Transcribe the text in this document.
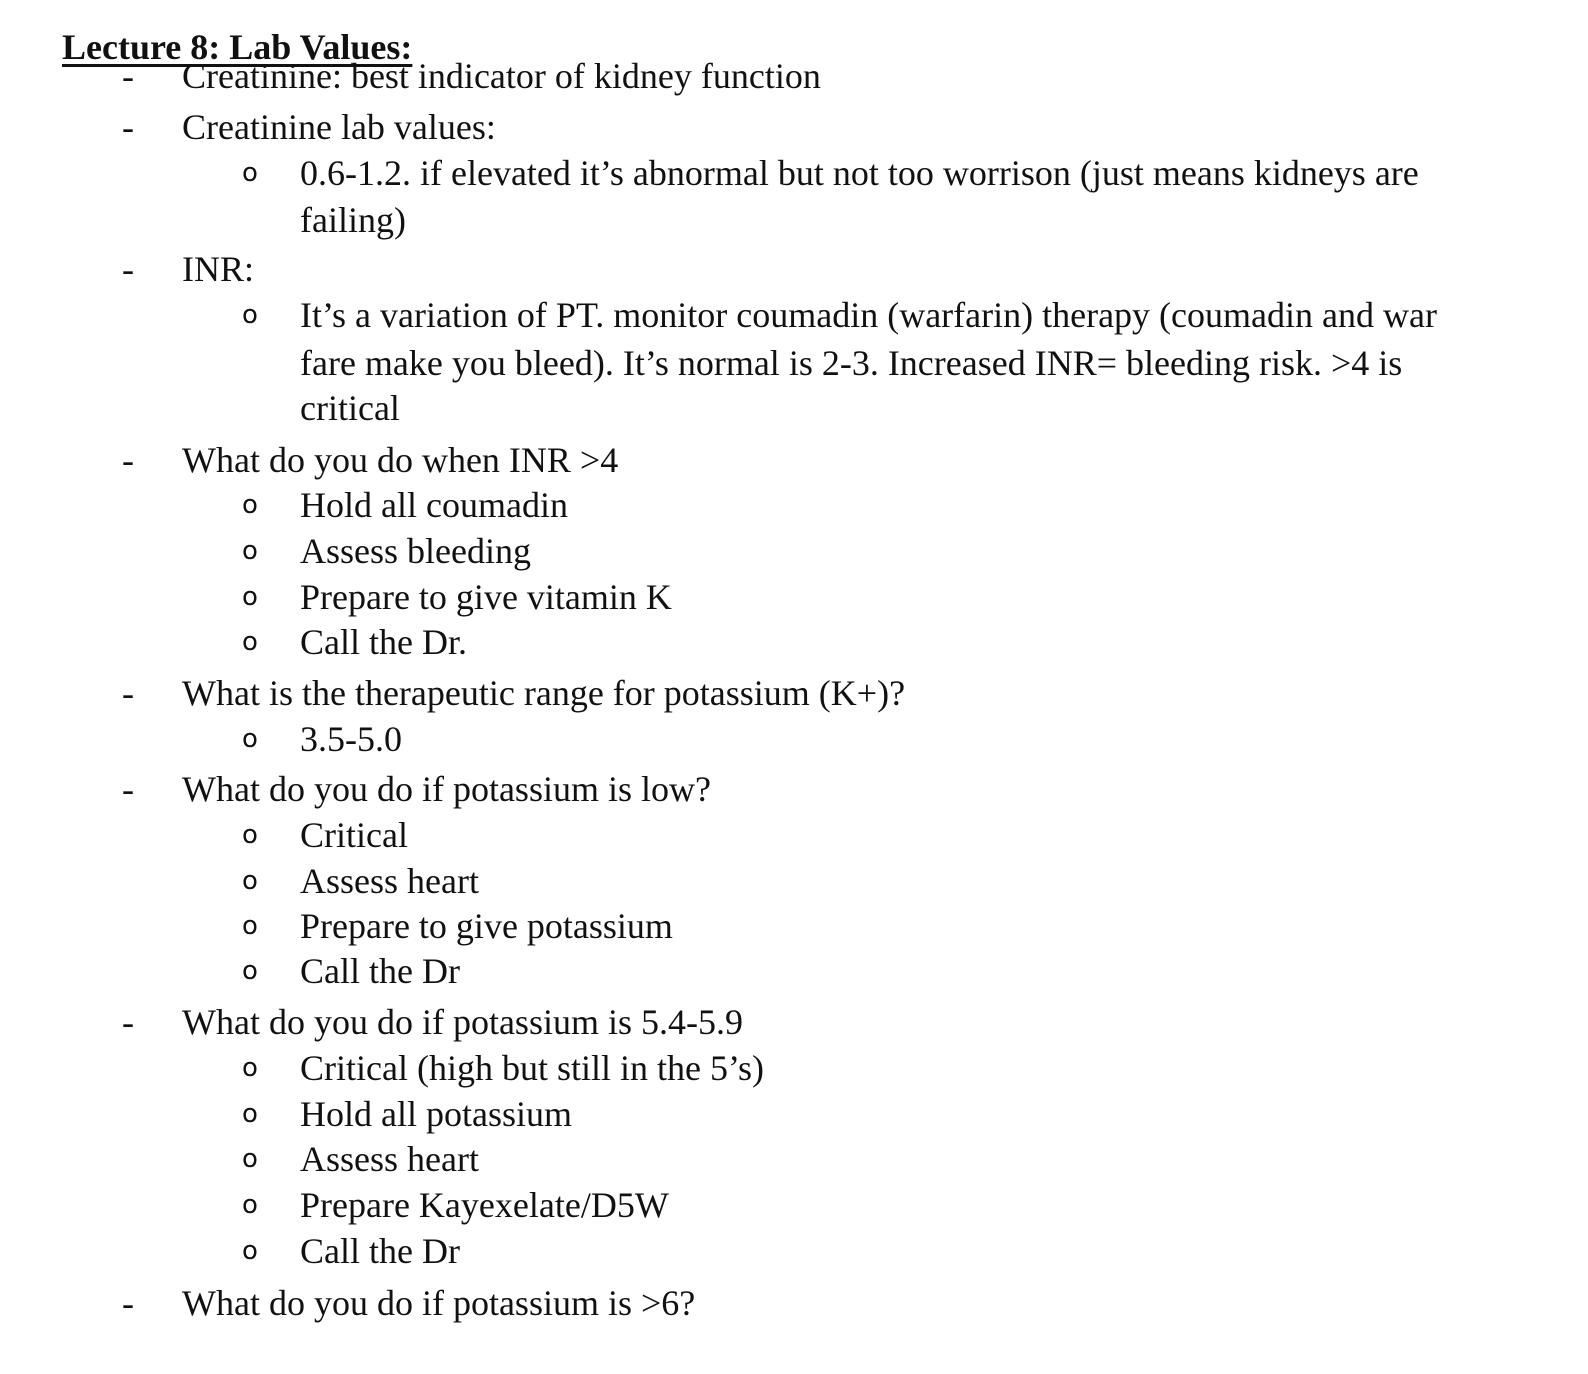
Lecture 8: Lab Values:
- Creatinine: best indicator of kidney function
- Creatinine lab values:
o 0.6-1.2. if elevated it’s abnormal but not too worrison (just means kidneys are
failing)
- INR:
o It’s a variation of PT. monitor coumadin (warfarin) therapy (coumadin and war
fare make you bleed). It’s normal is 2-3. Increased INR= bleeding risk. >4 is
critical
- What do you do when INR >4
o Hold all coumadin
o Assess bleeding
o Prepare to give vitamin K
o Call the Dr.
- What is the therapeutic range for potassium (K+)?
o 3.5-5.0
- What do you do if potassium is low?
o Critical
o Assess heart
o Prepare to give potassium
o Call the Dr
- What do you do if potassium is 5.4-5.9
o Critical (high but still in the 5’s)
o Hold all potassium
o Assess heart
o Prepare Kayexelate/D5W
o Call the Dr
- What do you do if potassium is >6?
